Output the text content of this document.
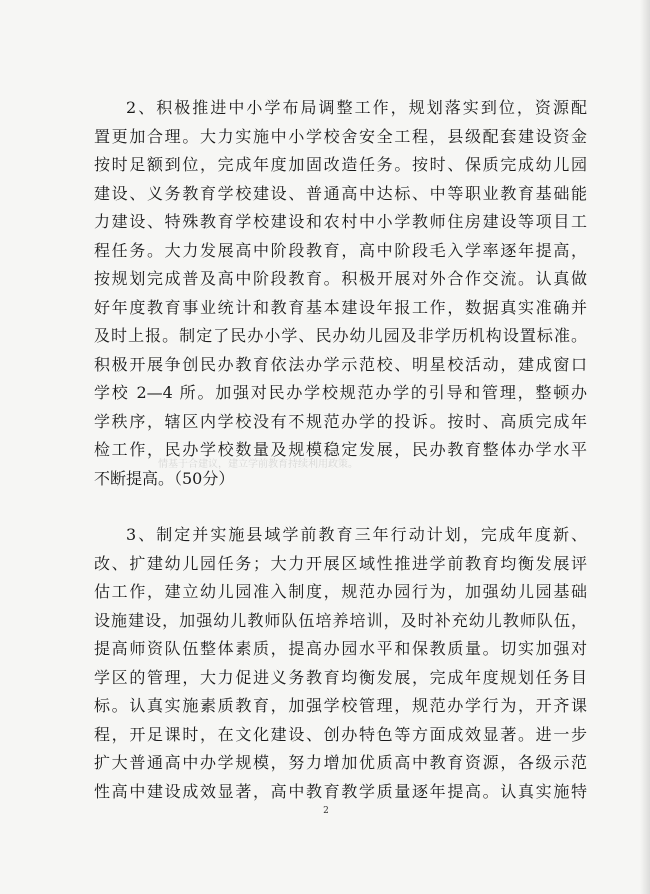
情基于合建议，建立学前教育持续利用政策。
2、积极推进中小学布局调整工作，规划落实到位，资源配
置更加合理。大力实施中小学校舍安全工程，县级配套建设资金
按时足额到位，完成年度加固改造任务。按时、保质完成幼儿园
建设、义务教育学校建设、普通高中达标、中等职业教育基础能
力建设、特殊教育学校建设和农村中小学教师住房建设等项目工
程任务。大力发展高中阶段教育，高中阶段毛入学率逐年提高，
按规划完成普及高中阶段教育。积极开展对外合作交流。认真做
好年度教育事业统计和教育基本建设年报工作，数据真实准确并
及时上报。制定了民办小学、民办幼儿园及非学历机构设置标准。
积极开展争创民办教育依法办学示范校、明星校活动，建成窗口
学校 2—4 所。加强对民办学校规范办学的引导和管理，整顿办
学秩序，辖区内学校没有不规范办学的投诉。按时、高质完成年
检工作，民办学校数量及规模稳定发展，民办教育整体办学水平
不断提高。（50分）
3、制定并实施县域学前教育三年行动计划，完成年度新、
改、扩建幼儿园任务；大力开展区域性推进学前教育均衡发展评
估工作，建立幼儿园准入制度，规范办园行为，加强幼儿园基础
设施建设，加强幼儿教师队伍培养培训，及时补充幼儿教师队伍，
提高师资队伍整体素质，提高办园水平和保教质量。切实加强对
学区的管理，大力促进义务教育均衡发展，完成年度规划任务目
标。认真实施素质教育，加强学校管理，规范办学行为，开齐课
程，开足课时，在文化建设、创办特色等方面成效显著。进一步
扩大普通高中办学规模，努力增加优质高中教育资源，各级示范
性高中建设成效显著，高中教育教学质量逐年提高。认真实施特
2
